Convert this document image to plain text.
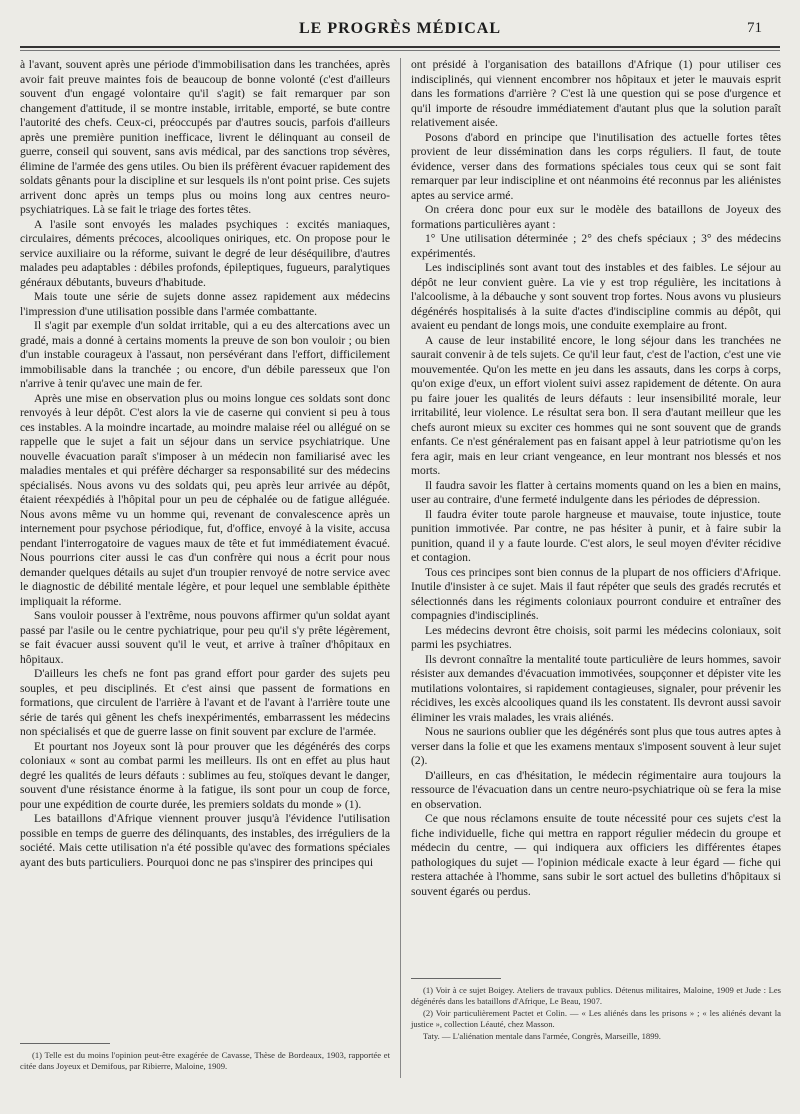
LE PROGRÈS MÉDICAL	71

à l'avant, souvent après une période d'immobilisation dans les tranchées, après avoir fait preuve maintes fois de beaucoup de bonne volonté (c'est d'ailleurs souvent d'un engagé volontaire qu'il s'agit) se fait remarquer par son changement d'attitude, il se montre instable, irritable, emporté, se bute contre l'autorité des chefs. Ceux-ci, préoccupés par d'autres soucis, parfois d'ailleurs après une première punition inefficace, livrent le délinquant au conseil de guerre, conseil qui souvent, sans avis médical, par des sanctions trop sévères, élimine de l'armée des gens utiles. Ou bien ils préfèrent évacuer rapidement des soldats gênants pour la discipline et sur lesquels ils n'ont point prise. Ces sujets arrivent donc après un temps plus ou moins long aux centres neuro-psychiatriques. Là se fait le triage des fortes têtes.

A l'asile sont envoyés les malades psychiques : excités maniaques, circulaires, déments précoces, alcooliques oniriques, etc. On propose pour le service auxiliaire ou la réforme, suivant le degré de leur déséquilibre, d'autres malades peu adaptables : débiles profonds, épileptiques, fugueurs, paralytiques généraux débutants, buveurs d'habitude.

Mais toute une série de sujets donne assez rapidement aux médecins l'impression d'une utilisation possible dans l'armée combattante.

Il s'agit par exemple d'un soldat irritable, qui a eu des altercations avec un gradé, mais a donné à certains moments la preuve de son bon vouloir ; ou bien d'un instable courageux à l'assaut, non persévérant dans l'effort, difficilement immobilisable dans la tranchée ; ou encore, d'un débile paresseux que l'on n'arrive à tenir qu'avec une main de fer.

Après une mise en observation plus ou moins longue ces soldats sont donc renvoyés à leur dépôt. C'est alors la vie de caserne qui convient si peu à tous ces instables. A la moindre incartade, au moindre malaise réel ou allégué on se rappelle que le sujet a fait un séjour dans un service psychiatrique. Une nouvelle évacuation paraît s'imposer à un médecin non familiarisé avec les maladies mentales et qui préfère décharger sa responsabilité sur des médecins spécialisés. Nous avons vu des soldats qui, peu après leur arrivée au dépôt, étaient réexpédiés à l'hôpital pour un peu de céphalée ou de fatigue alléguée. Nous avons même vu un homme qui, revenant de convalescence après un internement pour psychose périodique, fut, d'office, envoyé à la visite, accusa pendant l'interrogatoire de vagues maux de tête et fut immédiatement évacué. Nous pourrions citer aussi le cas d'un confrère qui nous a écrit pour nous demander quelques détails au sujet d'un troupier renvoyé de notre service avec le diagnostic de débilité mentale légère, et pour lequel une semblable épithète impliquait la réforme.

Sans vouloir pousser à l'extrême, nous pouvons affirmer qu'un soldat ayant passé par l'asile ou le centre pychiatrique, pour peu qu'il s'y prête légèrement, se fait évacuer aussi souvent qu'il le veut, et arrive à traîner d'hôpitaux en hôpitaux.

D'ailleurs les chefs ne font pas grand effort pour garder des sujets peu souples, et peu disciplinés. Et c'est ainsi que passent de formations en formations, que circulent de l'arrière à l'avant et de l'avant à l'arrière toute une série de tarés qui gênent les chefs inexpérimentés, embarrassent les médecins non spécialisés et que de guerre lasse on finit souvent par exclure de l'armée.

Et pourtant nos Joyeux sont là pour prouver que les dégénérés des corps coloniaux « sont au combat parmi les meilleurs. Ils ont en effet au plus haut degré les qualités de leurs défauts : sublimes au feu, stoïques devant le danger, souvent d'une résistance énorme à la fatigue, ils sont pour un coup de force, pour une expédition de courte durée, les premiers soldats du monde » (1).

Les bataillons d'Afrique viennent prouver jusqu'à l'évidence l'utilisation possible en temps de guerre des délinquants, des instables, des irréguliers de la société. Mais cette utilisation n'a été possible qu'avec des formations spéciales ayant des buts particuliers. Pourquoi donc ne pas s'inspirer des principes qui

ont présidé à l'organisation des bataillons d'Afrique (1) pour utiliser ces indisciplinés, qui viennent encombrer nos hôpitaux et jeter le mauvais esprit dans les formations d'arrière ? C'est là une question qui se pose d'urgence et qu'il importe de résoudre immédiatement d'autant plus que la solution paraît relativement aisée.

Posons d'abord en principe que l'inutilisation des actuelle fortes têtes provient de leur dissémination dans les corps réguliers. Il faut, de toute évidence, verser dans des formations spéciales tous ceux qui se sont fait remarquer par leur indiscipline et ont néanmoins été reconnus par les aliénistes aptes au service armé.

On créera donc pour eux sur le modèle des bataillons de Joyeux des formations particulières ayant :

1° Une utilisation déterminée ; 2° des chefs spéciaux ; 3° des médecins expérimentés.

Les indisciplinés sont avant tout des instables et des faibles. Le séjour au dépôt ne leur convient guère. La vie y est trop régulière, les incitations à l'alcoolisme, à la débauche y sont souvent trop fortes. Nous avons vu plusieurs dégénérés hospitalisés à la suite d'actes d'indiscipline commis au dépôt, qui avaient eu pendant de longs mois, une conduite exemplaire au front.

A cause de leur instabilité encore, le long séjour dans les tranchées ne saurait convenir à de tels sujets. Ce qu'il leur faut, c'est de l'action, c'est une vie mouvementée. Qu'on les mette en jeu dans les assauts, dans les corps à corps, qu'on exige d'eux, un effort violent suivi assez rapidement de détente. On aura pu faire jouer les qualités de leurs défauts : leur insensibilité morale, leur irritabilité, leur violence. Le résultat sera bon. Il sera d'autant meilleur que les chefs auront mieux su exciter ces hommes qui ne sont souvent que de grands enfants. Ce n'est généralement pas en faisant appel à leur patriotisme qu'on les fera agir, mais en leur criant vengeance, en leur montrant nos blessés et nos morts.

Il faudra savoir les flatter à certains moments quand on les a bien en mains, user au contraire, d'une fermeté indulgente dans les périodes de dépression.

Il faudra éviter toute parole hargneuse et mauvaise, toute injustice, toute punition immotivée. Par contre, ne pas hésiter à punir, et à faire subir la punition, quand il y a faute lourde. C'est alors, le seul moyen d'éviter récidive et contagion.

Tous ces principes sont bien connus de la plupart de nos officiers d'Afrique. Inutile d'insister à ce sujet. Mais il faut répéter que seuls des gradés recrutés et sélectionnés dans les régiments coloniaux pourront conduire et entraîner des compagnies d'indisciplinés.

Les médecins devront être choisis, soit parmi les médecins coloniaux, soit parmi les psychiatres.

Ils devront connaître la mentalité toute particulière de leurs hommes, savoir résister aux demandes d'évacuation immotivées, soupçonner et dépister vite les mutilations volontaires, si rapidement contagieuses, signaler, pour prévenir les récidives, les excès alcooliques quand ils les constatent. Ils devront aussi savoir éliminer les vrais malades, les vrais aliénés.

Nous ne saurions oublier que les dégénérés sont plus que tous autres aptes à verser dans la folie et que les examens mentaux s'imposent souvent à leur sujet (2).

D'ailleurs, en cas d'hésitation, le médecin régimentaire aura toujours la ressource de l'évacuation dans un centre neuro-psychiatrique où se fera la mise en observation.

Ce que nous réclamons ensuite de toute nécessité pour ces sujets c'est la fiche individuelle, fiche qui mettra en rapport régulier médecin du groupe et médecin du centre, — qui indiquera aux officiers les différentes étapes pathologiques du sujet — l'opinion médicale exacte à leur égard — fiche qui restera attachée à l'homme, sans subir le sort actuel des bulletins d'hôpitaux si souvent égarés ou perdus.

(1) Telle est du moins l'opinion peut-être exagérée de Cavasse, Thèse de Bordeaux, 1903, rapportée et citée dans Joyeux et Demifous, par Ribierre, Maloine, 1909.

(1) Voir à ce sujet Boigey. Ateliers de travaux publics. Détenus militaires, Maloine, 1909 et Jude : Les dégénérés dans les bataillons d'Afrique, Le Beau, 1907.

(2) Voir particulièrement Pactet et Colin. — « Les aliénés dans les prisons » ; « les aliénés devant la justice », collection Léauté, chez Masson.

Taty. — L'aliénation mentale dans l'armée, Congrès, Marseille, 1899.
